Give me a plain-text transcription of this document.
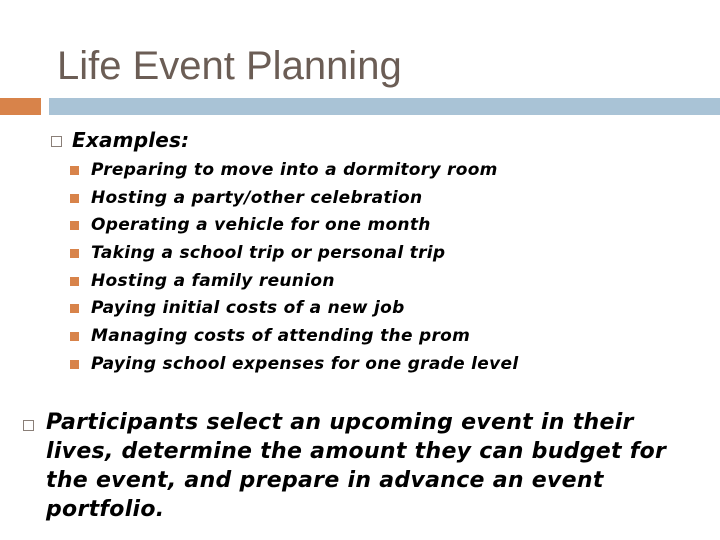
Life Event Planning
Examples:
Preparing to move into a dormitory room
Hosting a party/other celebration
Operating a vehicle for one month
Taking a school trip or personal trip
Hosting a family reunion
Paying initial costs of a new job
Managing costs of attending the prom
Paying school expenses for one grade level
Participants select an upcoming event in their lives, determine the amount they can budget for the event, and prepare in advance an event portfolio.
